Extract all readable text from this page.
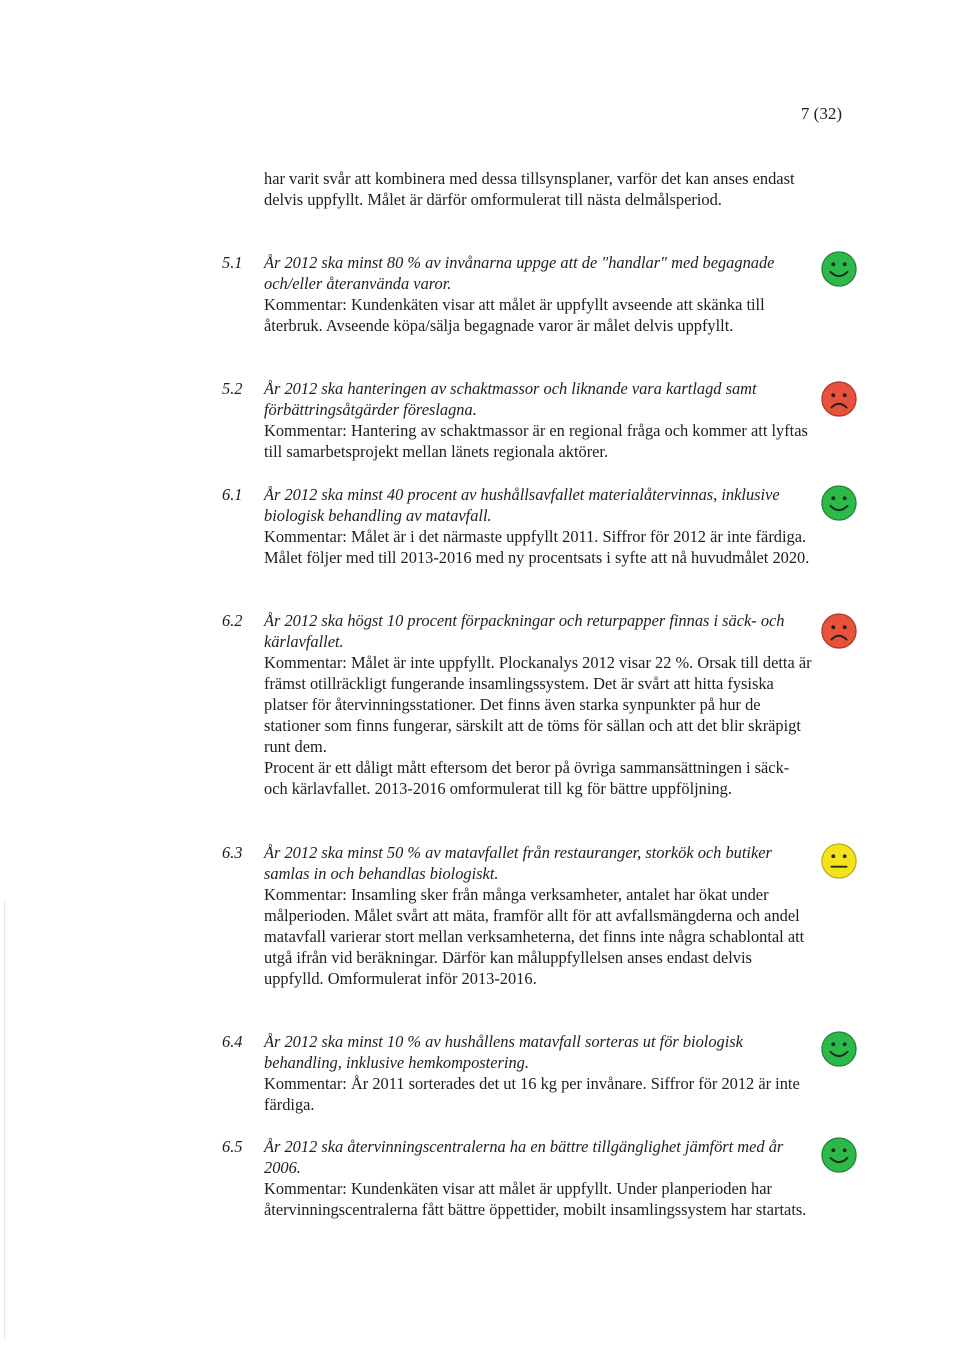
7 (32)
har varit svår att kombinera med dessa tillsynsplaner, varför det kan anses endast delvis uppfyllt. Målet är därför omformulerat till nästa delmålsperiod.
5.1	År 2012 ska minst 80 % av invånarna uppge att de "handlar" med begagnade och/eller återanvända varor.
Kommentar: Kundenkäten visar att målet är uppfyllt avseende att skänka till återbruk. Avseende köpa/sälja begagnade varor är målet delvis uppfyllt.
5.2	År 2012 ska hanteringen av schaktmassor och liknande vara kartlagd samt förbättringsåtgärder föreslagna.
Kommentar: Hantering av schaktmassor är en regional fråga och kommer att lyftas till samarbetsprojekt mellan länets regionala aktörer.
6.1	År 2012 ska minst 40 procent av hushållsavfallet materialåtervinnas, inklusive biologisk behandling av matavfall.
Kommentar: Målet är i det närmaste uppfyllt 2011. Siffror för 2012 är inte färdiga. Målet följer med till 2013-2016 med ny procentsats i syfte att nå huvudmålet 2020.
6.2	År 2012 ska högst 10 procent förpackningar och returpapper finnas i säck- och kärlavfallet.
Kommentar: Målet är inte uppfyllt. Plockanalys 2012 visar 22 %. Orsak till detta är främst otillräckligt fungerande insamlingssystem. Det är svårt att hitta fysiska platser för återvinningsstationer. Det finns även starka synpunkter på hur de stationer som finns fungerar, särskilt att de töms för sällan och att det blir skräpigt runt dem.
Procent är ett dåligt mått eftersom det beror på övriga sammansättningen i säck- och kärlavfallet. 2013-2016 omformulerat till kg för bättre uppföljning.
6.3	År 2012 ska minst 50 % av matavfallet från restauranger, storkök och butiker samlas in och behandlas biologiskt.
Kommentar: Insamling sker från många verksamheter, antalet har ökat under målperioden. Målet svårt att mäta, framför allt för att avfallsmängderna och andel matavfall varierar stort mellan verksamheterna, det finns inte några schablontal att utgå ifrån vid beräkningar. Därför kan måluppfyllelsen anses endast delvis uppfylld. Omformulerat inför 2013-2016.
6.4	År 2012 ska minst 10 % av hushållens matavfall sorteras ut för biologisk behandling, inklusive hemkompostering.
Kommentar: År 2011 sorterades det ut 16 kg per invånare. Siffror för 2012 är inte färdiga.
6.5	År 2012 ska återvinningscentralerna ha en bättre tillgänglighet jämfört med år 2006.
Kommentar: Kundenkäten visar att målet är uppfyllt. Under planperioden har återvinningscentralerna fått bättre öppettider, mobilt insamlingssystem har startats.
